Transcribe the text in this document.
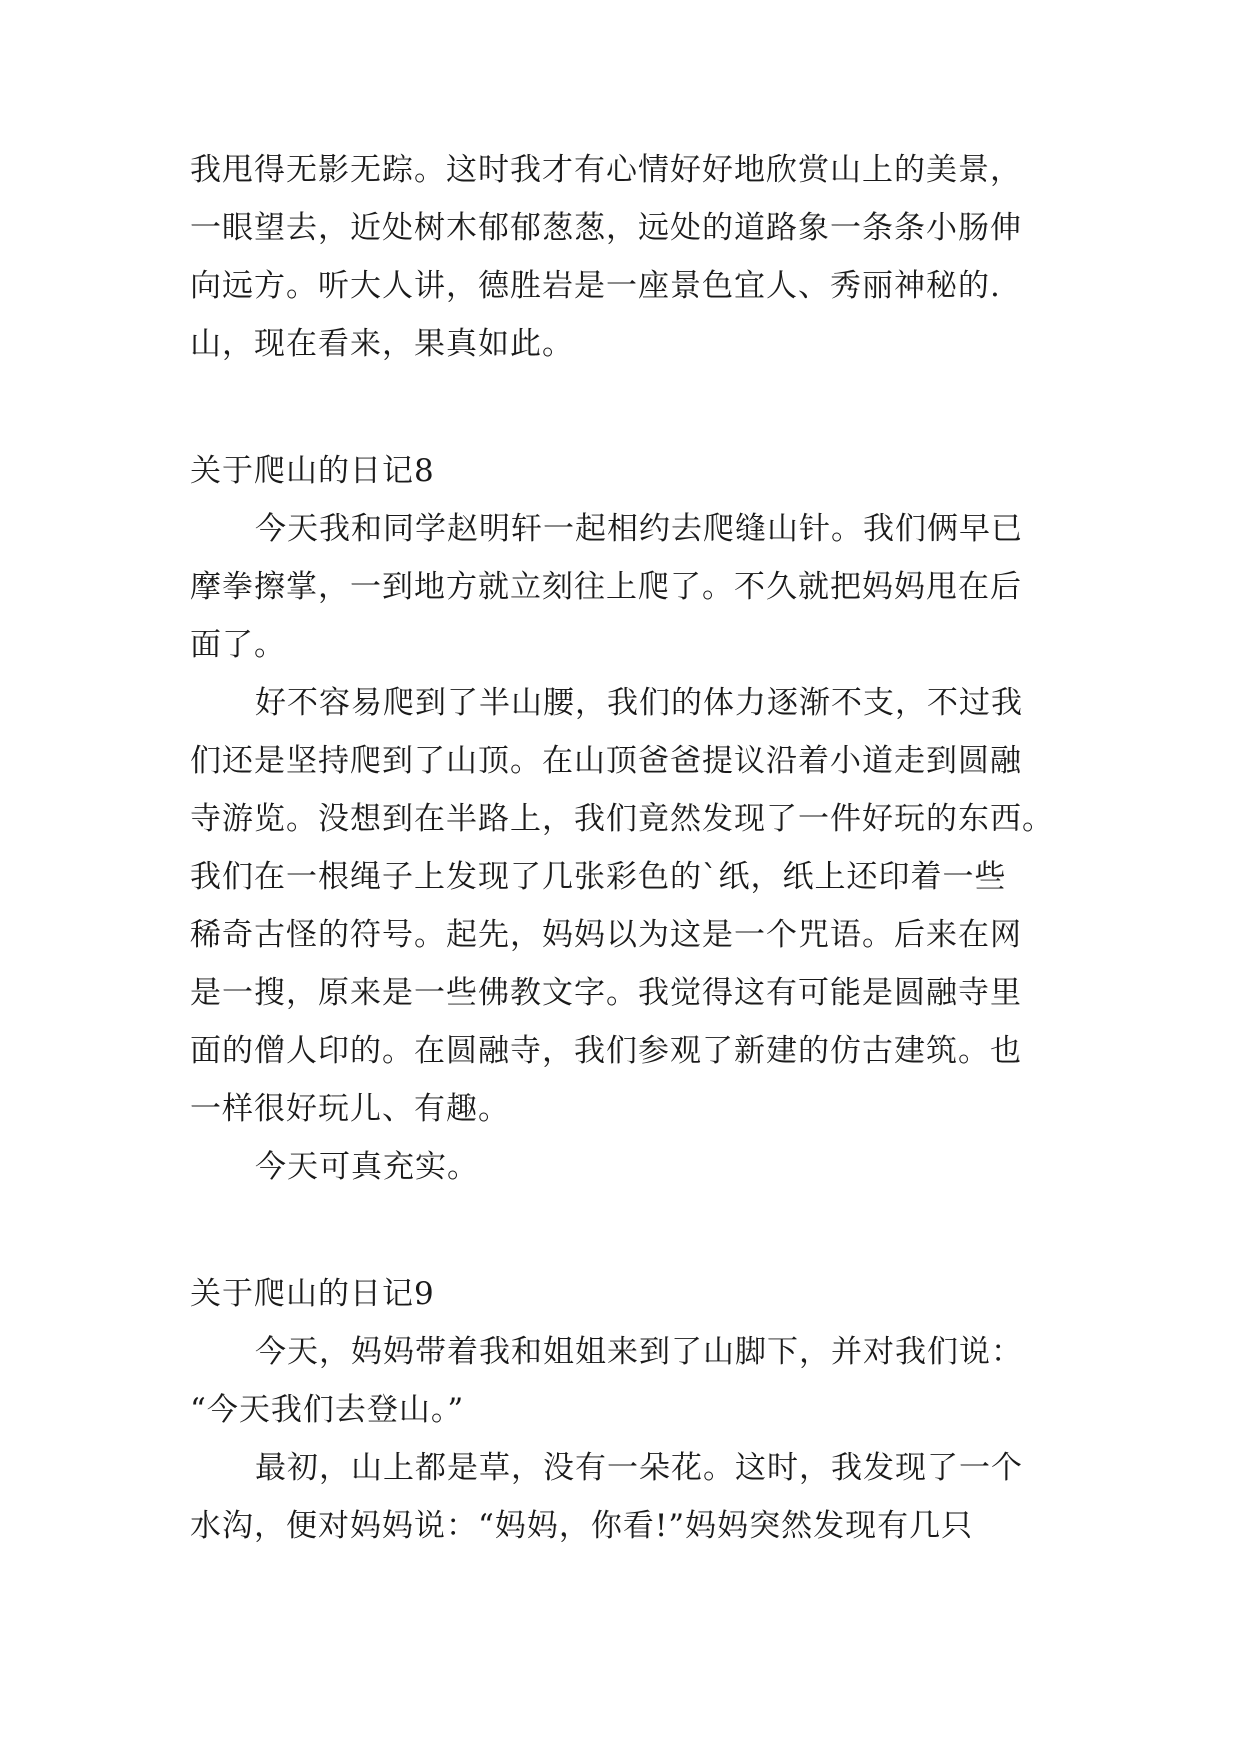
我甩得无影无踪。这时我才有心情好好地欣赏山上的美景，
一眼望去，近处树木郁郁葱葱，远处的道路象一条条小肠伸
向远方。听大人讲，德胜岩是一座景色宜人、秀丽神秘的.
山，现在看来，果真如此。
关于爬山的日记8
今天我和同学赵明轩一起相约去爬缝山针。我们俩早已
摩拳擦掌，一到地方就立刻往上爬了。不久就把妈妈甩在后
面了。
好不容易爬到了半山腰，我们的体力逐渐不支，不过我
们还是坚持爬到了山顶。在山顶爸爸提议沿着小道走到圆融
寺游览。没想到在半路上，我们竟然发现了一件好玩的东西。
我们在一根绳子上发现了几张彩色的`纸，纸上还印着一些
稀奇古怪的符号。起先，妈妈以为这是一个咒语。后来在网
是一搜，原来是一些佛教文字。我觉得这有可能是圆融寺里
面的僧人印的。在圆融寺，我们参观了新建的仿古建筑。也
一样很好玩儿、有趣。
今天可真充实。
关于爬山的日记9
今天，妈妈带着我和姐姐来到了山脚下，并对我们说：
“今天我们去登山。”
最初，山上都是草，没有一朵花。这时，我发现了一个
水沟，便对妈妈说：“妈妈，你看!”妈妈突然发现有几只
